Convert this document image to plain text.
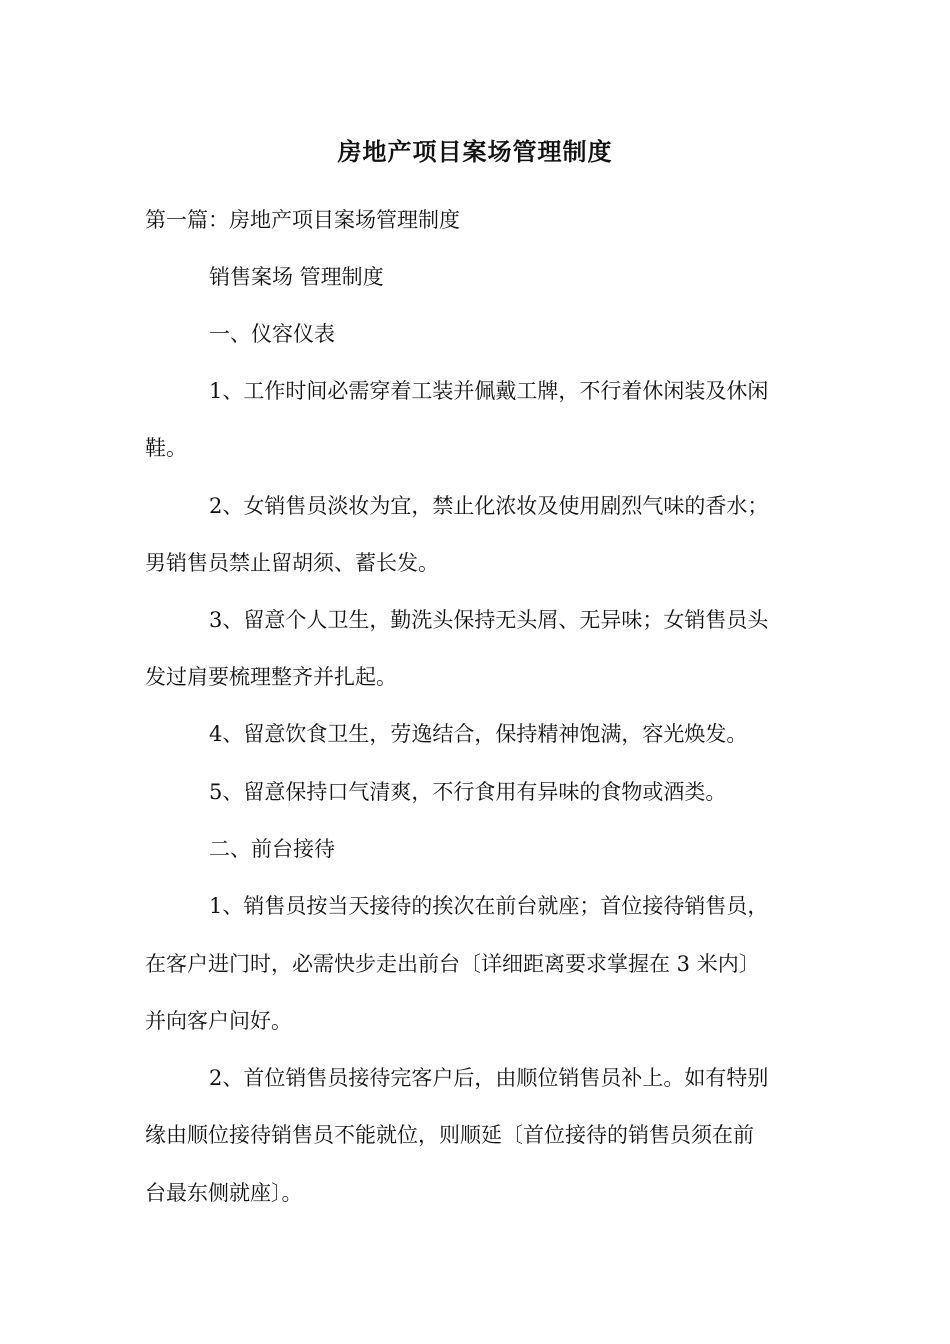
房地产项目案场管理制度
第一篇：房地产项目案场管理制度
销售案场 管理制度
一、仪容仪表
1、工作时间必需穿着工装并佩戴工牌，不行着休闲装及休闲
鞋。
2、女销售员淡妆为宜，禁止化浓妆及使用剧烈气味的香水；
男销售员禁止留胡须、蓄长发。
3、留意个人卫生，勤洗头保持无头屑、无异味；女销售员头
发过肩要梳理整齐并扎起。
4、留意饮食卫生，劳逸结合，保持精神饱满，容光焕发。
5、留意保持口气清爽，不行食用有异味的食物或酒类。
二、前台接待
1、销售员按当天接待的挨次在前台就座；首位接待销售员，
在客户进门时，必需快步走出前台〔详细距离要求掌握在 3 米内〕
并向客户问好。
2、首位销售员接待完客户后，由顺位销售员补上。如有特别
缘由顺位接待销售员不能就位，则顺延〔首位接待的销售员须在前
台最东侧就座〕。
